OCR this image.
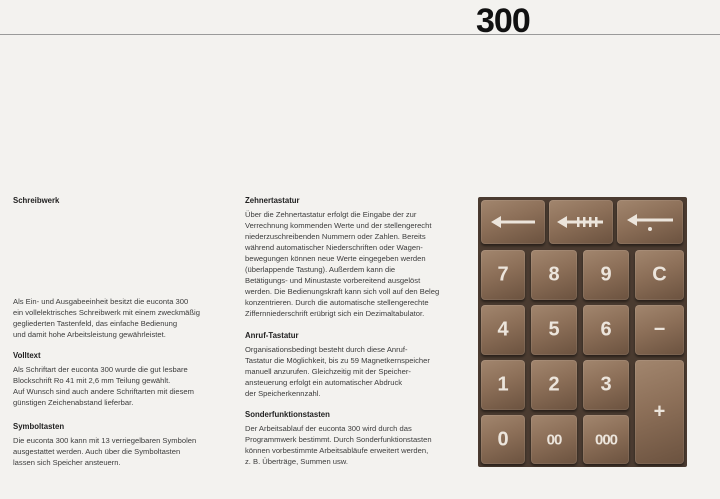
300

Schreibwerk

Als Ein- und Ausgabeeinheit besitzt die euconta 300
ein vollelektrisches Schreibwerk mit einem zweckmäßig
gegliederten Tastenfeld, das einfache Bedienung
und damit hohe Arbeitsleistung gewährleistet.

Volltext

Als Schriftart der euconta 300 wurde die gut lesbare
Blockschrift Ro 41 mit 2,6 mm Teilung gewählt.
Auf Wunsch sind auch andere Schriftarten mit diesem
günstigen Zeichenabstand lieferbar.

Symboltasten

Die euconta 300 kann mit 13 verriegelbaren Symbolen
ausgestattet werden. Auch über die Symboltasten
lassen sich Speicher ansteuern.

Zehnertastatur

Über die Zehnertastatur erfolgt die Eingabe der zur
Verrechnung kommenden Werte und der stellengerecht
niederzuschreibenden Nummern oder Zahlen. Bereits
während automatischer Niederschriften oder Wagen-
bewegungen können neue Werte eingegeben werden
(überlappende Tastung). Außerdem kann die
Betätigungs- und Minustaste vorbereitend ausgelöst
werden. Die Bedienungskraft kann sich voll auf den Beleg
konzentrieren. Durch die automatische stellengerechte
Ziffernniederschrift erübrigt sich ein Dezimaltabulator.

Anruf-Tastatur

Organisationsbedingt besteht durch diese Anruf-
Tastatur die Möglichkeit, bis zu 59 Magnetkernspeicher
manuell anzurufen. Gleichzeitig mit der Speicher-
ansteuerung erfolgt ein automatischer Abdruck
der Speicherkennzahl.

Sonderfunktionstasten

Der Arbeitsablauf der euconta 300 wird durch das
Programmwerk bestimmt. Durch Sonderfunktionstasten
können vorbestimmte Arbeitsabläufe erweitert werden,
z. B. Überträge, Summen usw.

7	8	9	C
4	5	6	−
1	2	3
+
0	00	000
